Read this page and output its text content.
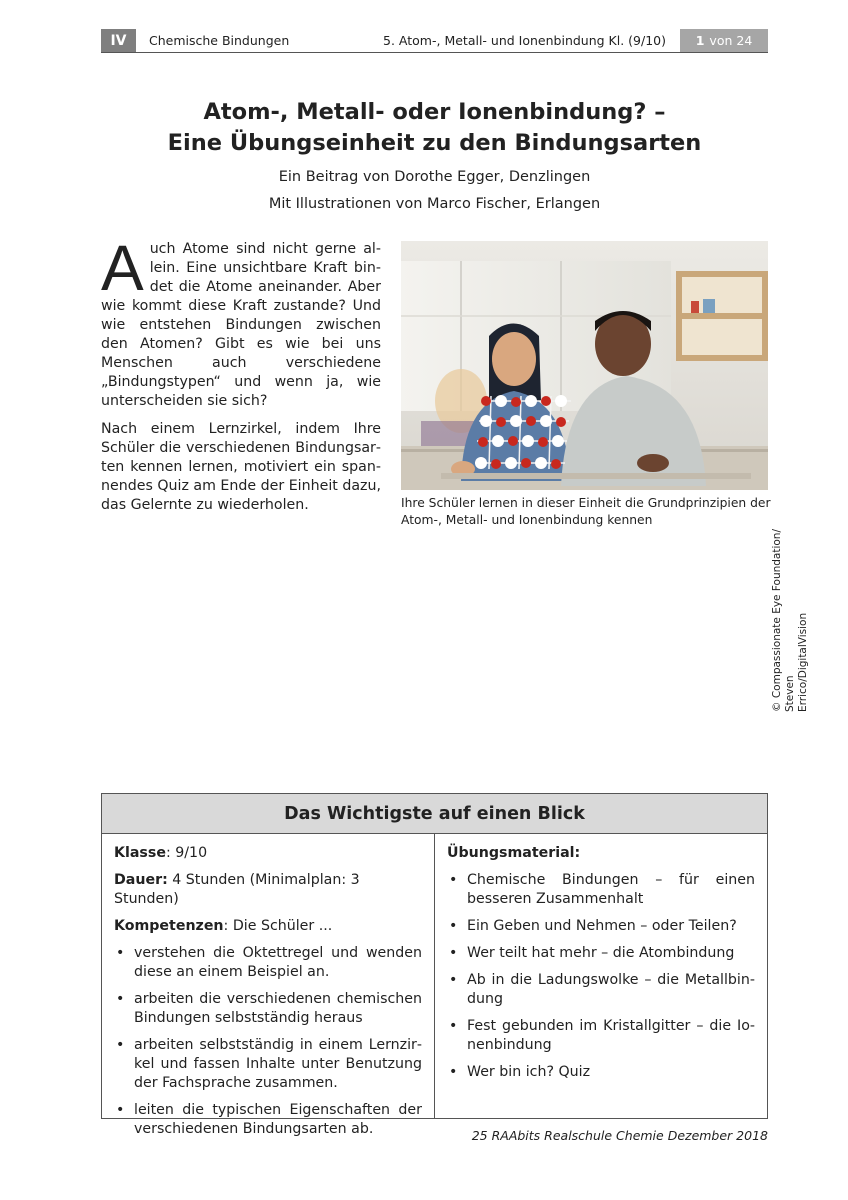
IV	Chemische Bindungen	5. Atom-, Metall- und Ionenbindung Kl. (9/10)	1 von 24
Atom-, Metall- oder Ionenbindung? –
Eine Übungseinheit zu den Bindungsarten
Ein Beitrag von Dorothe Egger, Denzlingen
Mit Illustrationen von Marco Fischer, Erlangen

Auch Atome sind nicht gerne allein. Eine unsichtbare Kraft bindet die Atome aneinander. Aber wie kommt diese Kraft zustande? Und wie entstehen Bindungen zwischen den Atomen? Gibt es wie bei uns Menschen auch verschiedene „Bindungstypen“ und wenn ja, wie unterscheiden sie sich?

Nach einem Lernzirkel, indem Ihre Schüler die verschiedenen Bindungsarten kennen lernen, motiviert ein spannendes Quiz am Ende der Einheit dazu, das Gelernte zu wiederholen.

© Compassionate Eye Foundation/ Steven Errico/DigitalVision
Ihre Schüler lernen in dieser Einheit die Grundprinzipien der Atom-, Metall- und Ionenbindung kennen
Das Wichtigste auf einen Blick
Klasse: 9/10
Dauer: 4 Stunden (Minimalplan: 3 Stunden)
Kompetenzen: Die Schüler ...
• verstehen die Oktettregel und wenden diese an einem Beispiel an.
• arbeiten die verschiedenen chemischen Bindungen selbstständig heraus
• arbeiten selbstständig in einem Lernzirkel und fassen Inhalte unter Benutzung der Fachsprache zusammen.
• leiten die typischen Eigenschaften der verschiedenen Bindungsarten ab.
Übungsmaterial:
• Chemische Bindungen – für einen besseren Zusammenhalt
• Ein Geben und Nehmen – oder Teilen?
• Wer teilt hat mehr – die Atombindung
• Ab in die Ladungswolke – die Metallbindung
• Fest gebunden im Kristallgitter – die Ionenbindung
• Wer bin ich? Quiz
25 RAAbits Realschule Chemie Dezember 2018
